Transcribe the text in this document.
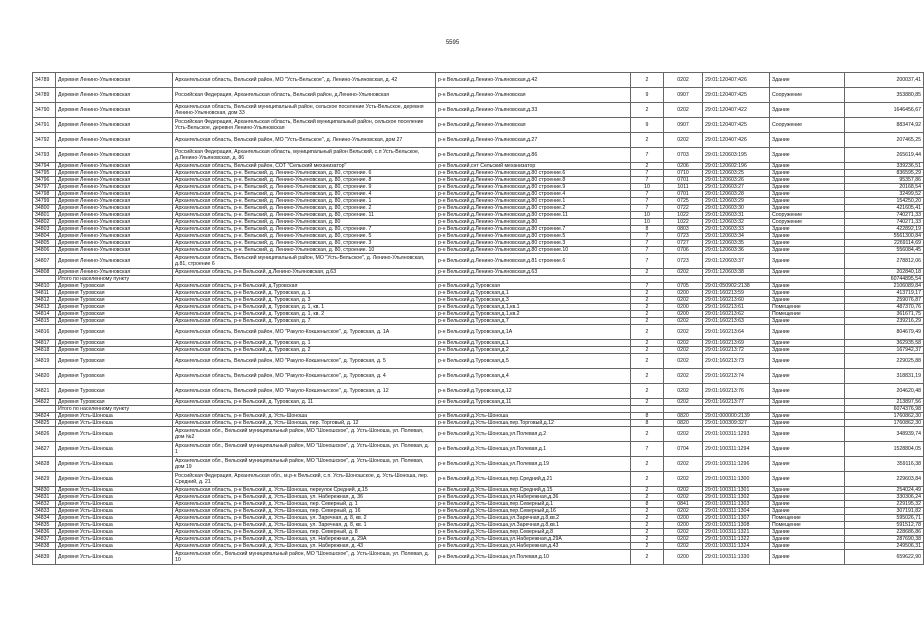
5595
34789	Деревня Ленино-Ульяновская	Архангельская область, Вельский район, МО "Усть-Вельское", д. Ленино-Ульяновская, д. 42	р-н Вельский,д.Ленино-Ульяновская,д.42	2	0202	29:01:120407:426	Здание	200037,41
34789	Деревня Ленино-Ульяновская	Российская Федерация, Архангельская область, Вельский район, д.Ленино-Ульяновская	р-н Вельский,д.Ленино-Ульяновская	9	0907	29:01:120407:425	Сооружение	353880,85
34790	Деревня Ленино-Ульяновская	Архангельская область, Вельский муниципальный район, сельское поселение Усть-Вельское, деревня Ленино-Ульяновская, дом 33	р-н Вельский,д.Ленино-Ульяновская,д.33	2	0202	29:01:120407:422	Здание	1646456,67
34791	Деревня Ленино-Ульяновская	Российская Федерация, Архангельская область, Вельский муниципальный район, сельское поселение Усть-Вельское, деревня Ленино-Ульяновская	р-н Вельский,д.Ленино-Ульяновская	9	0907	29:01:120407:425	Сооружение	883474,92
34792	Деревня Ленино-Ульяновская	Архангельская область, Вельский район, МО "Усть-Вельское", д. Ленино-Ульяновская, дом 27	р-н Вельский,д.Ленино-Ульяновская,д.27	2	0202	29:01:120407:426	Здание	207465,25
34793	Деревня Ленино-Ульяновская	Российская Федерация, Архангельская область, муниципальный район Вельский, с.п Усть-Вельское, д.Ленино-Ульяновская, д. 86	р-н Вельский,д.Ленино-Ульяновская,д.86	7	0703	29:01:120603:195	Здание	265619,44
34794	Деревня Ленино-Ульяновская	Архангельская область, Вельский район, СОТ "Сельский механизатор"	р-н Вельский,снт Сельский механизатор	2	0206	29:01:120602:196	Здание	339236,51
34795	Деревня Ленино-Ульяновская	Архангельская область, р-н. Вельский, д. Ленино-Ульяновская, д. 80, строение. 6	р-н Вельский,д.Ленино-Ульяновская,д.80 строение.6	7	0710	29:01:120603:25	Здание	836595,29
34796	Деревня Ленино-Ульяновская	Архангельская область, р-н. Вельский, д. Ленино-Ульяновская, д. 80, строение. 8	р-н Вельский,д.Ленино-Ульяновская,д.80 строение.8	7	0701	29:01:120603:26	Здание	95357,86
34797	Деревня Ленино-Ульяновская	Архангельская область, р-н. Вельский, д. Ленино-Ульяновская, д. 80, строение. 9	р-н Вельский,д.Ленино-Ульяновская,д.80 строение.9	10	1011	29:01:120603:27	Здание	20168,54
34798	Деревня Ленино-Ульяновская	Архангельская область, р-н. Вельский, д. Ленино-Ульяновская, д. 80, строение. 4	р-н Вельский,д.Ленино-Ульяновская,д.80 строение.4	7	0701	29:01:120603:28	Здание	32499,52
34799	Деревня Ленино-Ульяновская	Архангельская область, р-н. Вельский, д. Ленино-Ульяновская, д. 80, строение. 1	р-н Вельский,д.Ленино-Ульяновская,д.80 строение.1	7	0725	29:01:120603:29	Здание	154250,20
34800	Деревня Ленино-Ульяновская	Архангельская область, р-н. Вельский, д. Ленино-Ульяновская, д. 80, строение. 2	р-н Вельский,д.Ленино-Ульяновская,д.80 строение.2	7	0722	29:01:120603:30	Здание	421605,41
34801	Деревня Ленино-Ульяновская	Архангельская область, р-н. Вельский, д. Ленино-Ульяновская, д. 80, строение. 11	р-н Вельский,д.Ленино-Ульяновская,д.80 строение.11	10	1022	29:01:120603:31	Сооружение	740271,33
34802	Деревня Ленино-Ульяновская	Архангельская область, р-н. Вельский, д. Ленино-Ульяновская, д. 80	р-н Вельский,д.Ленино-Ульяновская,д.80	10	1022	29:01:120603:32	Сооружение	740271,33
34803	Деревня Ленино-Ульяновская	Архангельская область, р-н. Вельский, д. Ленино-Ульяновская, д. 80, строение. 7	р-н Вельский,д.Ленино-Ульяновская,д.80 строение.7	8	0803	29:01:120603:33	Здание	422892,19
34804	Деревня Ленино-Ульяновская	Архангельская область, р-н. Вельский, д. Ленино-Ульяновская, д. 80, строение. 5	р-н Вельский,д.Ленино-Ульяновская,д.80 строение.5	7	0723	29:01:120603:34	Здание	5561300,84
34805	Деревня Ленино-Ульяновская	Архангельская область, р-н. Вельский, д. Ленино-Ульяновская, д. 80, строение. 3	р-н Вельский,д.Ленино-Ульяновская,д.80 строение.3	7	0727	29:01:120603:35	Здание	2269114,69
34806	Деревня Ленино-Ульяновская	Архангельская область, р-н. Вельский, д. Ленино-Ульяновская, д. 80, строение. 10	р-н Вельский,д.Ленино-Ульяновская,д.80 строение.10	7	0706	29:01:120603:36	Здание	556084,45
34807	Деревня Ленино-Ульяновская	Архангельская область, Вельский муниципальный район, МО "Усть-Вельское", д. Ленино-Ульяновская, д.81, строение 6	р-н Вельский,д.Ленино-Ульяновская,д.81 строение.6	7	0723	29:01:120603:37	Здание	278812,06
34808	Деревня Ленино-Ульяновская	Архангельская область, р-н Вельский, д.Ленино-Ульяновская, д.63	р-н Вельский,д.Ленино-Ульяновская,д.63	2	0202	29:01:120603:38	Здание	202840,18
	Итого по населенному пункту							60744895,54
34810	Деревня Туровская	Архангельская область, р-н Вельский, д.Туровская	р-н Вельский,д.Туровская	7	0705	29:01:050902:2138	Здание	2106089,84
34811	Деревня Туровская	Архангельская область, р-н Вельский, д. Туровская, д. 1	р-н Вельский,д.Туровская,д.1	2	0200	29:01:160213:59	Здание	413719,17
34812	Деревня Туровская	Архангельская область, р-н Вельский, д. Туровская, д. 3	р-н Вельский,д.Туровская,д.3	2	0202	29:01:160213:60	Здание	259076,87
34813	Деревня Туровская	Архангельская область, р-н Вельский, д. Туровская, д. 1, кв. 1	р-н Вельский,д.Туровская,д.1,кв.1	2	0200	29:01:160213:61	Помещение	487370,76
34814	Деревня Туровская	Архангельская область, р-н Вельский, д. Туровская, д. 1, кв. 2	р-н Вельский,д.Туровская,д.1,кв.2	2	0200	29:01:160213:62	Помещение	361671,75
34815	Деревня Туровская	Архангельская область, р-н Вельский, д. Туровская, д. 7	р-н Вельский,д.Туровская,д.7	2	0202	29:01:160213:63	Здание	239216,29
34816	Деревня Туровская	Архангельская область, Вельский район, МО "Ракуло-Кокшеньгское", д. Туровская, д. 1А	р-н Вельский,д.Туровская,д.1А	2	0202	29:01:160213:64	Здание	804679,49
34817	Деревня Туровская	Архангельская область, р-н Вельский, д. Туровская, д. 1	р-н Вельский,д.Туровская,д.1	2	0202	29:01:160213:69	Здание	362935,58
34818	Деревня Туровская	Архангельская область, р-н Вельский, д. Туровская, д. 2	р-н Вельский,д.Туровская,д.2	2	0202	29:01:160213:72	Здание	167942,37
34819	Деревня Туровская	Архангельская область, Вельский район, МО "Ракуло-Кокшеньгское", д. Туровская, д. 5	р-н Вельский,д.Туровская,д.5	2	0202	29:01:160213:73	Здание	229025,88
34820	Деревня Туровская	Архангельская область, Вельский район, МО "Ракуло-Кокшеньгское", д. Туровская, д. 4	р-н Вельский,д.Туровская,д.4	2	0202	29:01:160213:74	Здание	318831,19
34821	Деревня Туровская	Архангельская область, Вельский район, МО "Ракуло-Кокшеньгское", д. Туровская, д. 12	р-н Вельский,д.Туровская,д.12	2	0202	29:01:160213:76	Здание	204620,48
34822	Деревня Туровская	Архангельская область, р-н Вельский, д. Туровская, д. 11	р-н Вельский,д.Туровская,д.11	2	0202	29:01:160213:77	Здание	213897,56
	Итого по населенному пункту							6074376,98
34824	Деревня Усть-Шоноша	Архангельская область, р-н Вельский, д. Усть-Шоноша	р-н Вельский,д.Усть-Шоноша	8	0820	29:01:000000:2139	Здание	1760862,30
34825	Деревня Усть-Шоноша	Архангельская область, р-н Вельский, д. Усть-Шоноша, пер. Торговый, д. 12	р-н Вельский,д.Усть-Шоноша,пер.Торговый,д.12	8	0820	29:01:100309:327	Здание	1760862,30
34826	Деревня Усть-Шоноша	Архангельская обл., Вельский муниципальный район, МО "Шоношское", д. Усть-Шоноша, ул. Полевая, дом №2	р-н Вельский,д.Усть-Шоноша,ул.Полевая,д.2	2	0202	29:01:100311:1293	Здание	348939,74
34827	Деревня Усть-Шоноша	Архангельская обл., Вельский муниципальный район, МО "Шоношское", д. Усть-Шоноша, ул. Полевая, д. 1	р-н Вельский,д.Усть-Шоноша,ул.Полевая,д.1	7	0704	29:01:100311:1294	Здание	1528804,05
34828	Деревня Усть-Шоноша	Архангельская обл., Вельский муниципальный район, МО "Шоношское", д. Усть-Шоноша, ул. Полевая, дом 19	р-н Вельский,д.Усть-Шоноша,ул.Полевая,д.19	2	0202	29:01:100311:1296	Здание	359116,38
34829	Деревня Усть-Шоноша	Российская Федерация, Архангельская обл., м.р-н Вельский, с.п. Усть-Шоношское, д. Усть-Шоноша, пер. Средний, д. 21	р-н Вельский,д.Усть-Шоноша,пер.Средний,д.21	2	0202	29:01:100311:1300	Здание	229603,84
34830	Деревня Усть-Шоноша	Архангельская область, р-н Вельский, д. Усть-Шоноша, переулок Средний, д.15	р-н Вельский,д.Усть-Шоноша,пер.Средний,д.15	2	0202	29:01:100311:1301	Здание	254024,49
34831	Деревня Усть-Шоноша	Архангельская область, р-н Вельский, д. Усть-Шоноша, ул. Набережная, д. 36	р-н Вельский,д.Усть-Шоноша,ул.Набережная,д.36	2	0202	29:01:100311:1302	Здание	330306,24
34832	Деревня Усть-Шоноша	Архангельская область, р-н Вельский, д. Усть-Шоноша, пер. Северный, д. 1	р-н Вельский,д.Усть-Шоноша,пер.Северный,д.1	8	0841	29:01:100311:1303	Здание	229195,32
34833	Деревня Усть-Шоноша	Архангельская область, р-н Вельский, д. Усть-Шоноша, пер. Северный, д. 16	р-н Вельский,д.Усть-Шоноша,пер.Северный,д.16	2	0202	29:01:100311:1304	Здание	307191,82
34834	Деревня Усть-Шоноша	Архангельская область, р-н Вельский, д. Усть-Шоноша, ул. Заречная, д. 8, кв. 2	р-н Вельский,д.Усть-Шоноша,ул.Заречная,д.8,кв.2	2	0200	29:01:100311:1307	Помещение	595026,71
34835	Деревня Усть-Шоноша	Архангельская область, р-н Вельский, д. Усть-Шоноша, ул. Заречная, д. 8, кв. 1	р-н Вельский,д.Усть-Шоноша,ул.Заречная,д.8,кв.1	2	0200	29:01:100311:1308	Помещение	591512,78
34836	Деревня Усть-Шоноша	Архангельская область, р-н Вельский, д. Усть-Шоноша, пер. Северный, д. 8	р-н Вельский,д.Усть-Шоноша,пер.Северный,д.8	2	0202	29:01:100311:1321	Здание	228686,86
34837	Деревня Усть-Шоноша	Архангельская область, р-н Вельский, д. Усть-Шоноша, ул. Набережная, д. 29А	р-н Вельский,д.Усть-Шоноша,ул.Набережная,д.29А	2	0202	29:01:100311:1322	Здание	287690,38
34838	Деревня Усть-Шоноша	Архангельская область, р-н Вельский, д. Усть-Шоноша, ул. Набережная, д. 43	р-н Вельский,д.Усть-Шоноша,ул.Набережная,д.43	2	0202	29:01:100311:1324	Здание	249506,31
34839	Деревня Усть-Шоноша	Архангельская обл., Вельский муниципальный район, МО "Шоношское", д. Усть-Шоноша, ул. Полевая, д. 10	р-н Вельский,д.Усть-Шоноша,ул.Полевая,д.10	2	0200	29:01:100311:1330	Здание	659622,90
